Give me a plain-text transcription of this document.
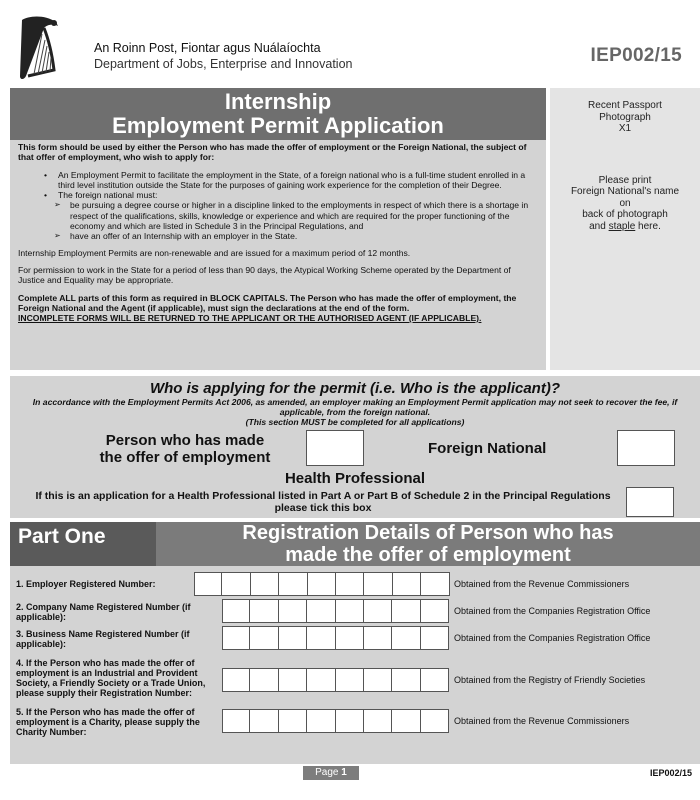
An Roinn Post, Fiontar agus Nuálaíochta
Department of Jobs, Enterprise and Innovation	IEP002/15
Internship
Employment Permit Application

This form should be used by either the Person who has made the offer of employment or the Foreign National, the subject of that offer of employment, who wish to apply for:

• An Employment Permit to facilitate the employment in the State, of a foreign national who is a full-time student enrolled in a third level institution outside the State for the purposes of gaining work experience for the completion of their Degree.
• The foreign national must:
➢ be pursuing a degree course or higher in a discipline linked to the employments in respect of which there is a shortage in respect of the qualifications, skills, knowledge or experience and which are required for the proper functioning of the economy and which are listed in Schedule 3 in the Principal Regulations, and
➢ have an offer of an Internship with an employer in the State.

Internship Employment Permits are non-renewable and are issued for a maximum period of 12 months.

For permission to work in the State for a period of less than 90 days, the Atypical Working Scheme operated by the Department of Justice and Equality may be appropriate.

Complete ALL parts of this form as required in BLOCK CAPITALS. The Person who has made the offer of employment, the Foreign National and the Agent (if applicable), must sign the declarations at the end of the form.

INCOMPLETE FORMS WILL BE RETURNED TO THE APPLICANT OR THE AUTHORISED AGENT (IF APPLICABLE).

Recent Passport
Photograph
X1
Please print
Foreign National's name
on
back of photograph
and staple here.
Who is applying for the permit (i.e. Who is the applicant)?
In accordance with the Employment Permits Act 2006, as amended, an employer making an Employment Permit application may not seek to recover the fee, if applicable, from the foreign national.
(This section MUST be completed for all applications)
Person who has made
the offer of employment
Foreign National
Health Professional
If this is an application for a Health Professional listed in Part A or Part B of Schedule 2 in the Principal Regulations please tick this box
Part One	Registration Details of Person who has
made the offer of employment
1. Employer Registered Number:	Obtained from the Revenue Commissioners
2. Company Name Registered Number (if applicable):
Obtained from the Companies Registration Office
3. Business Name Registered Number (if applicable):
Obtained from the Companies Registration Office
4. If the Person who has made the offer of employment is an Industrial and Provident Society, a Friendly Society or a Trade Union, please supply their Registration Number:
Obtained from the Registry of Friendly Societies
5. If the Person who has made the offer of employment is a Charity, please supply the Charity Number:
Obtained from the Revenue Commissioners
Page 1	IEP002/15
